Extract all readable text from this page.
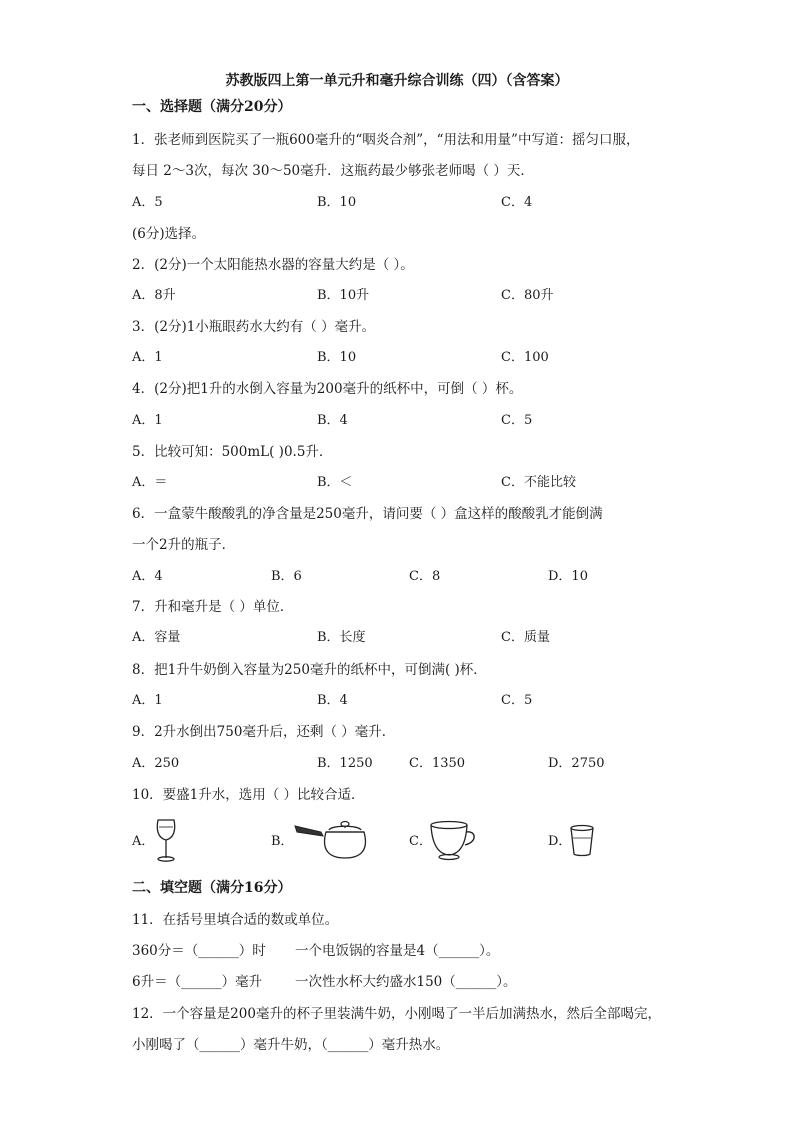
苏教版四上第一单元升和毫升综合训练（四）（含答案）
一、选择题（满分20分）
1．张老师到医院买了一瓶600毫升的“咽炎合剂”，“用法和用量”中写道：摇匀口服，
每日 2～3次，每次 30～50毫升．这瓶药最少够张老师喝（ ）天．
A．5	B．10	C．4
(6分)选择。
2．(2分)一个太阳能热水器的容量大约是（ ）。
A．8升	B．10升	C．80升
3．(2分)1小瓶眼药水大约有（ ）毫升。
A．1	B．10	C．100
4．(2分)把1升的水倒入容量为200毫升的纸杯中，可倒（ ）杯。
A．1	B．4	C．5
5．比较可知：500mL( )0.5升．
A．＝	B．＜	C．不能比较
6．一盒蒙牛酸酸乳的净含量是250毫升，请问要（ ）盒这样的酸酸乳才能倒满
一个2升的瓶子．
A．4	B．6	C．8	D．10
7．升和毫升是（ ）单位．
A．容量	B．长度	C．质量
8．把1升牛奶倒入容量为250毫升的纸杯中，可倒满( )杯．
A．1	B．4	C．5
9．2升水倒出750毫升后，还剩（ ）毫升．
A．250	B．1250	C．1350	D．2750
10．要盛1升水，选用（ ）比较合适．
A．	B．	C．	D．
二、填空题（满分16分）
11．在括号里填合适的数或单位。
360分＝（______）时 一个电饭锅的容量是4（______）。
6升＝（______）毫升 一次性水杯大约盛水150（______）。
12．一个容量是200毫升的杯子里装满牛奶，小刚喝了一半后加满热水，然后全部喝完，
小刚喝了（______）毫升牛奶，（______）毫升热水。
